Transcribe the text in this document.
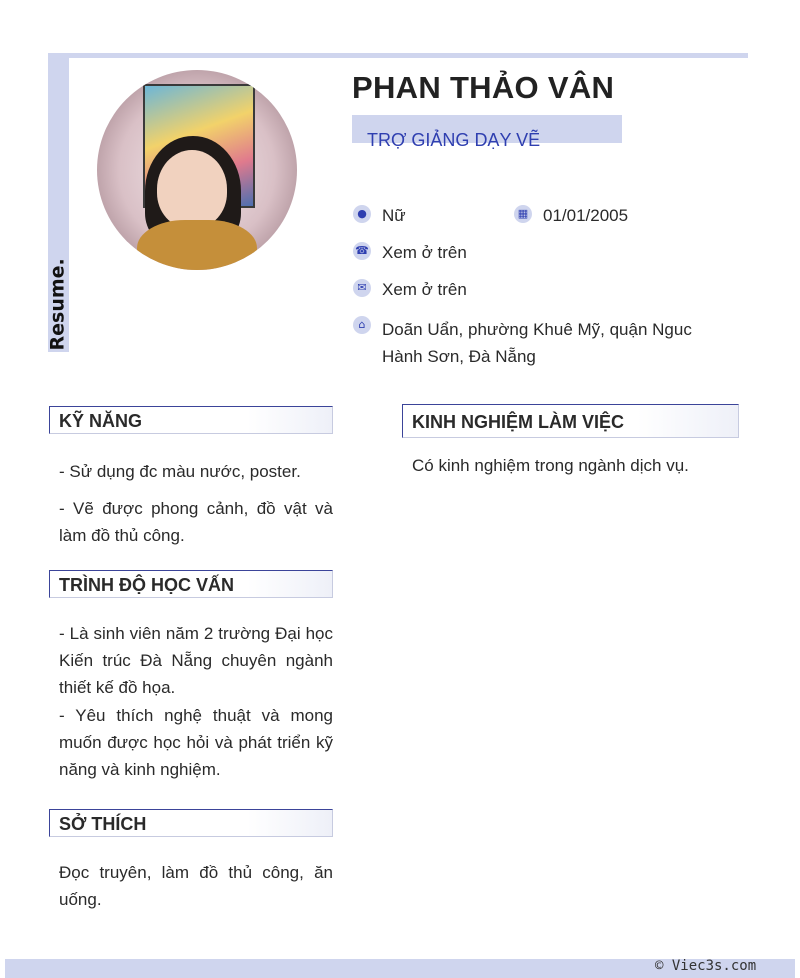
Resume.
PHAN THẢO VÂN
TRỢ GIẢNG DẠY VẼ
● Nữ	▦ 01/01/2005
☎ Xem ở trên
✉ Xem ở trên
⌂ Doãn Uẩn, phường Khuê Mỹ, quận Nguc
Hành Sơn, Đà Nẵng
KỸ NĂNG

- Sử dụng đc màu nước, poster.

- Vẽ được phong cảnh, đồ vật và làm đồ thủ công.

TRÌNH ĐỘ HỌC VẤN

- Là sinh viên năm 2 trường Đại học Kiến trúc Đà Nẵng chuyên ngành thiết kế đồ họa.

- Yêu thích nghệ thuật và mong muốn được học hỏi và phát triển kỹ năng và kinh nghiệm.

SỞ THÍCH

Đọc truyên, làm đồ thủ công, ăn uống.

KINH NGHIỆM LÀM VIỆC

Có kinh nghiệm trong ngành dịch vụ.

© Viec3s.com
